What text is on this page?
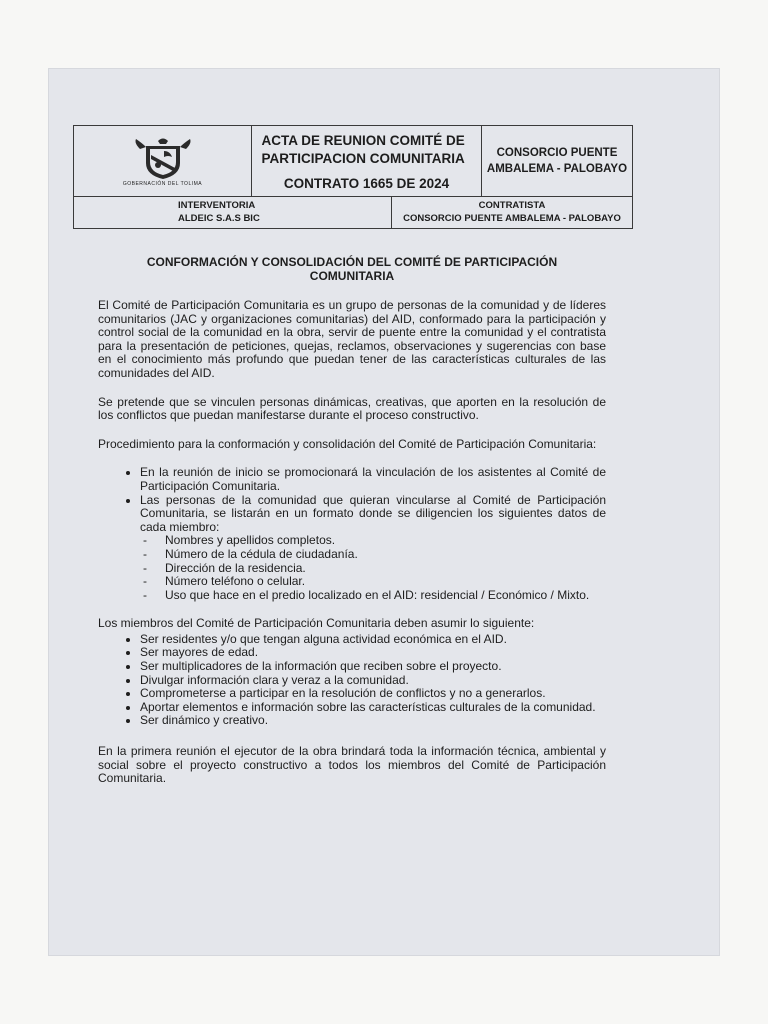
GOBERNACIÓN DEL TOLIMA
ACTA DE REUNION COMITÉ DE
PARTICIPACION COMUNITARIA
CONTRATO 1665 DE 2024
CONSORCIO PUENTE
AMBALEMA - PALOBAYO
INTERVENTORIA
ALDEIC S.A.S BIC
CONTRATISTA
CONSORCIO PUENTE AMBALEMA - PALOBAYO
CONFORMACIÓN Y CONSOLIDACIÓN DEL COMITÉ DE PARTICIPACIÓN COMUNITARIA

El Comité de Participación Comunitaria es un grupo de personas de la comunidad y de líderes comunitarios (JAC y organizaciones comunitarias) del AID, conformado para la participación y control social de la comunidad en la obra, servir de puente entre la comunidad y el contratista para la presentación de peticiones, quejas, reclamos, observaciones y sugerencias con base en el conocimiento más profundo que puedan tener de las características culturales de las comunidades del AID.

Se pretende que se vinculen personas dinámicas, creativas, que aporten en la resolución de los conflictos que puedan manifestarse durante el proceso constructivo.

Procedimiento para la conformación y consolidación del Comité de Participación Comunitaria:

• En la reunión de inicio se promocionará la vinculación de los asistentes al Comité de Participación Comunitaria.
• Las personas de la comunidad que quieran vincularse al Comité de Participación Comunitaria, se listarán en un formato donde se diligencien los siguientes datos de cada miembro:
- Nombres y apellidos completos.
- Número de la cédula de ciudadanía.
- Dirección de la residencia.
- Número teléfono o celular.
- Uso que hace en el predio localizado en el AID: residencial / Económico / Mixto.

Los miembros del Comité de Participación Comunitaria deben asumir lo siguiente:

• Ser residentes y/o que tengan alguna actividad económica en el AID.
• Ser mayores de edad.
• Ser multiplicadores de la información que reciben sobre el proyecto.
• Divulgar información clara y veraz a la comunidad.
• Comprometerse a participar en la resolución de conflictos y no a generarlos.
• Aportar elementos e información sobre las características culturales de la comunidad.
• Ser dinámico y creativo.

En la primera reunión el ejecutor de la obra brindará toda la información técnica, ambiental y social sobre el proyecto constructivo a todos los miembros del Comité de Participación Comunitaria.
